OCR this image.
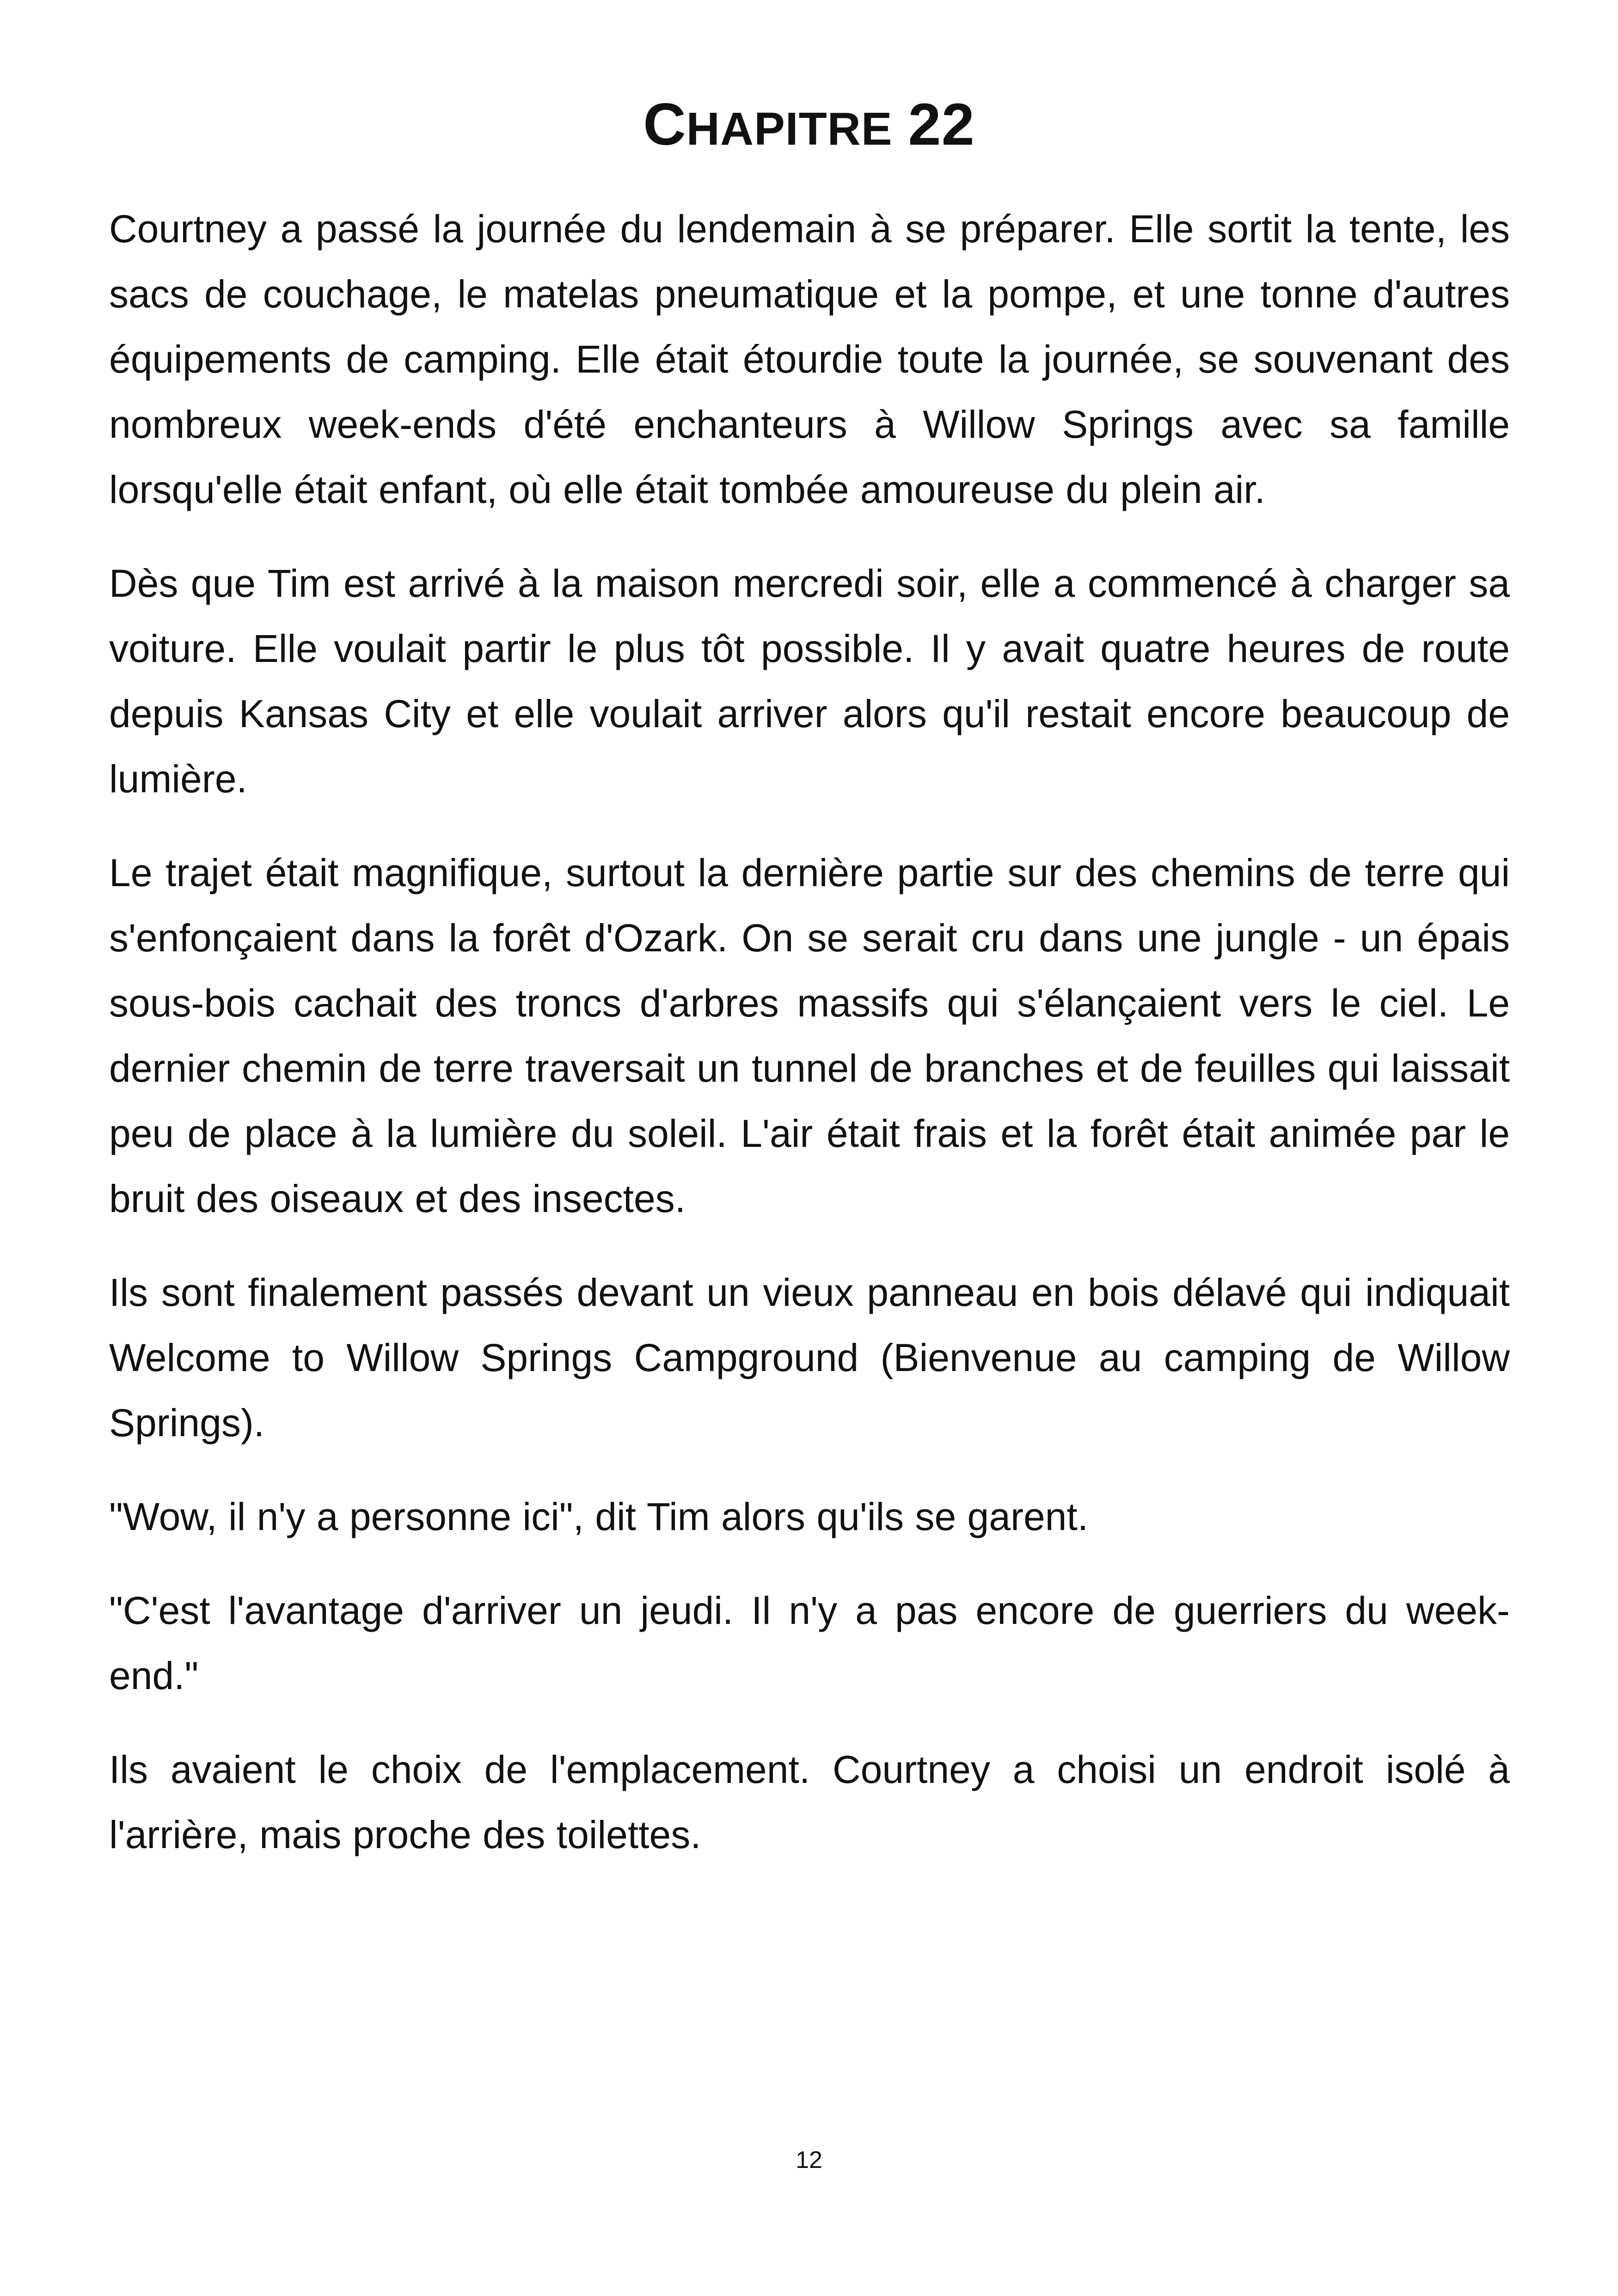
CHAPITRE 22

Courtney a passé la journée du lendemain à se préparer. Elle sortit la tente, les sacs de couchage, le matelas pneumatique et la pompe, et une tonne d'autres équipements de camping. Elle était étourdie toute la journée, se souvenant des nombreux week-ends d'été enchanteurs à Willow Springs avec sa famille lorsqu'elle était enfant, où elle était tombée amoureuse du plein air.

Dès que Tim est arrivé à la maison mercredi soir, elle a commencé à charger sa voiture. Elle voulait partir le plus tôt possible. Il y avait quatre heures de route depuis Kansas City et elle voulait arriver alors qu'il restait encore beaucoup de lumière.

Le trajet était magnifique, surtout la dernière partie sur des chemins de terre qui s'enfonçaient dans la forêt d'Ozark. On se serait cru dans une jungle - un épais sous-bois cachait des troncs d'arbres massifs qui s'élançaient vers le ciel. Le dernier chemin de terre traversait un tunnel de branches et de feuilles qui laissait peu de place à la lumière du soleil. L'air était frais et la forêt était animée par le bruit des oiseaux et des insectes.

Ils sont finalement passés devant un vieux panneau en bois délavé qui indiquait Welcome to Willow Springs Campground (Bienvenue au camping de Willow Springs).

"Wow, il n'y a personne ici", dit Tim alors qu'ils se garent.

"C'est l'avantage d'arriver un jeudi. Il n'y a pas encore de guerriers du week-end."

Ils avaient le choix de l'emplacement. Courtney a choisi un endroit isolé à l'arrière, mais proche des toilettes.

12
